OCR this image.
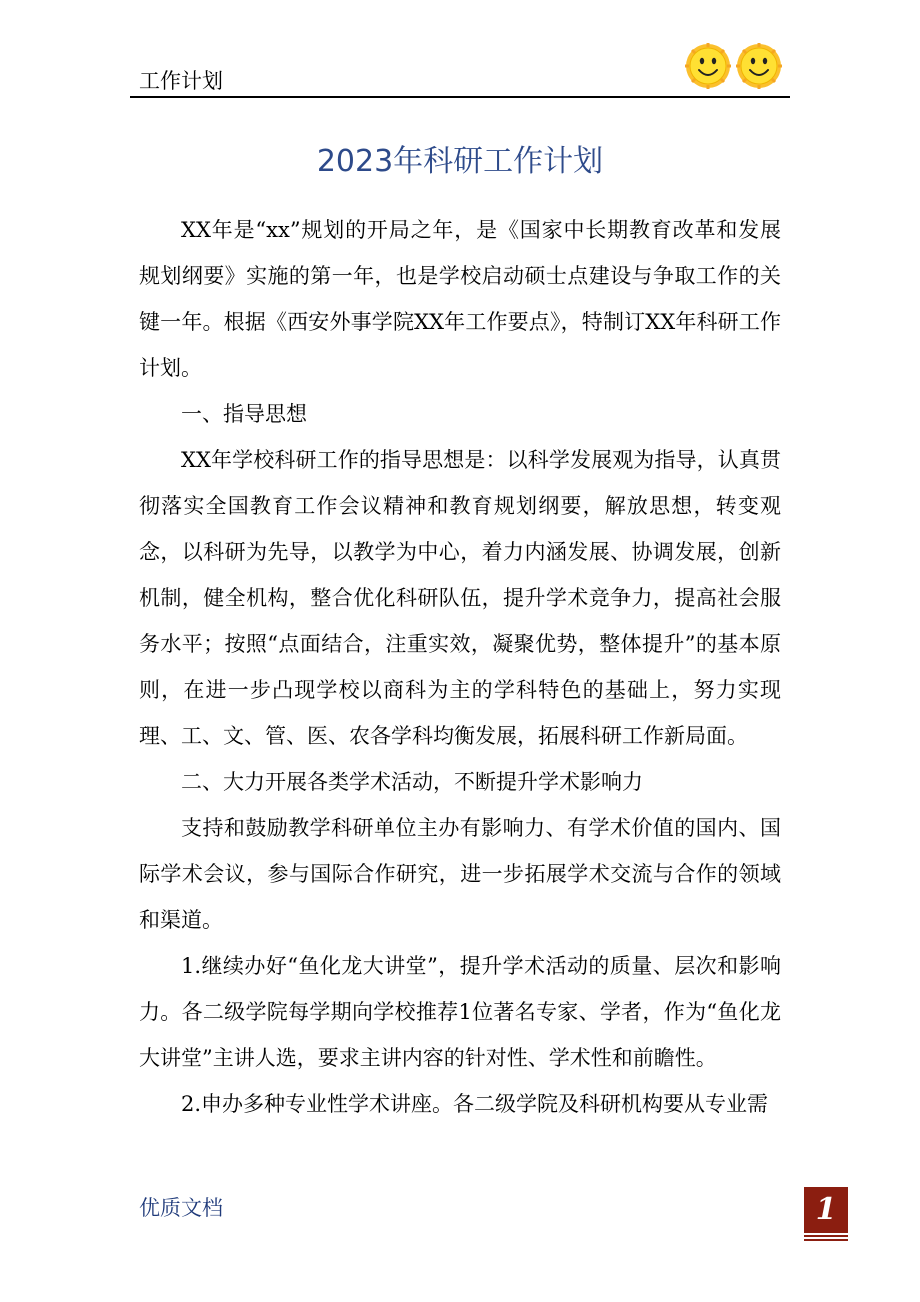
工作计划
2023年科研工作计划

XX年是“xx”规划的开局之年，是《国家中长期教育改革和发展规划纲要》实施的第一年，也是学校启动硕士点建设与争取工作的关键一年。根据《西安外事学院XX年工作要点》，特制订XX年科研工作计划。

一、指导思想

XX年学校科研工作的指导思想是：以科学发展观为指导，认真贯彻落实全国教育工作会议精神和教育规划纲要，解放思想，转变观念，以科研为先导，以教学为中心，着力内涵发展、协调发展，创新机制，健全机构，整合优化科研队伍，提升学术竞争力，提高社会服务水平；按照“点面结合，注重实效，凝聚优势，整体提升”的基本原则，在进一步凸现学校以商科为主的学科特色的基础上，努力实现理、工、文、管、医、农各学科均衡发展，拓展科研工作新局面。

二、大力开展各类学术活动，不断提升学术影响力

支持和鼓励教学科研单位主办有影响力、有学术价值的国内、国际学术会议，参与国际合作研究，进一步拓展学术交流与合作的领域和渠道。

1.继续办好“鱼化龙大讲堂”，提升学术活动的质量、层次和影响力。各二级学院每学期向学校推荐1位著名专家、学者，作为“鱼化龙大讲堂”主讲人选，要求主讲内容的针对性、学术性和前瞻性。

2.申办多种专业性学术讲座。各二级学院及科研机构要从专业需

优质文档	1
